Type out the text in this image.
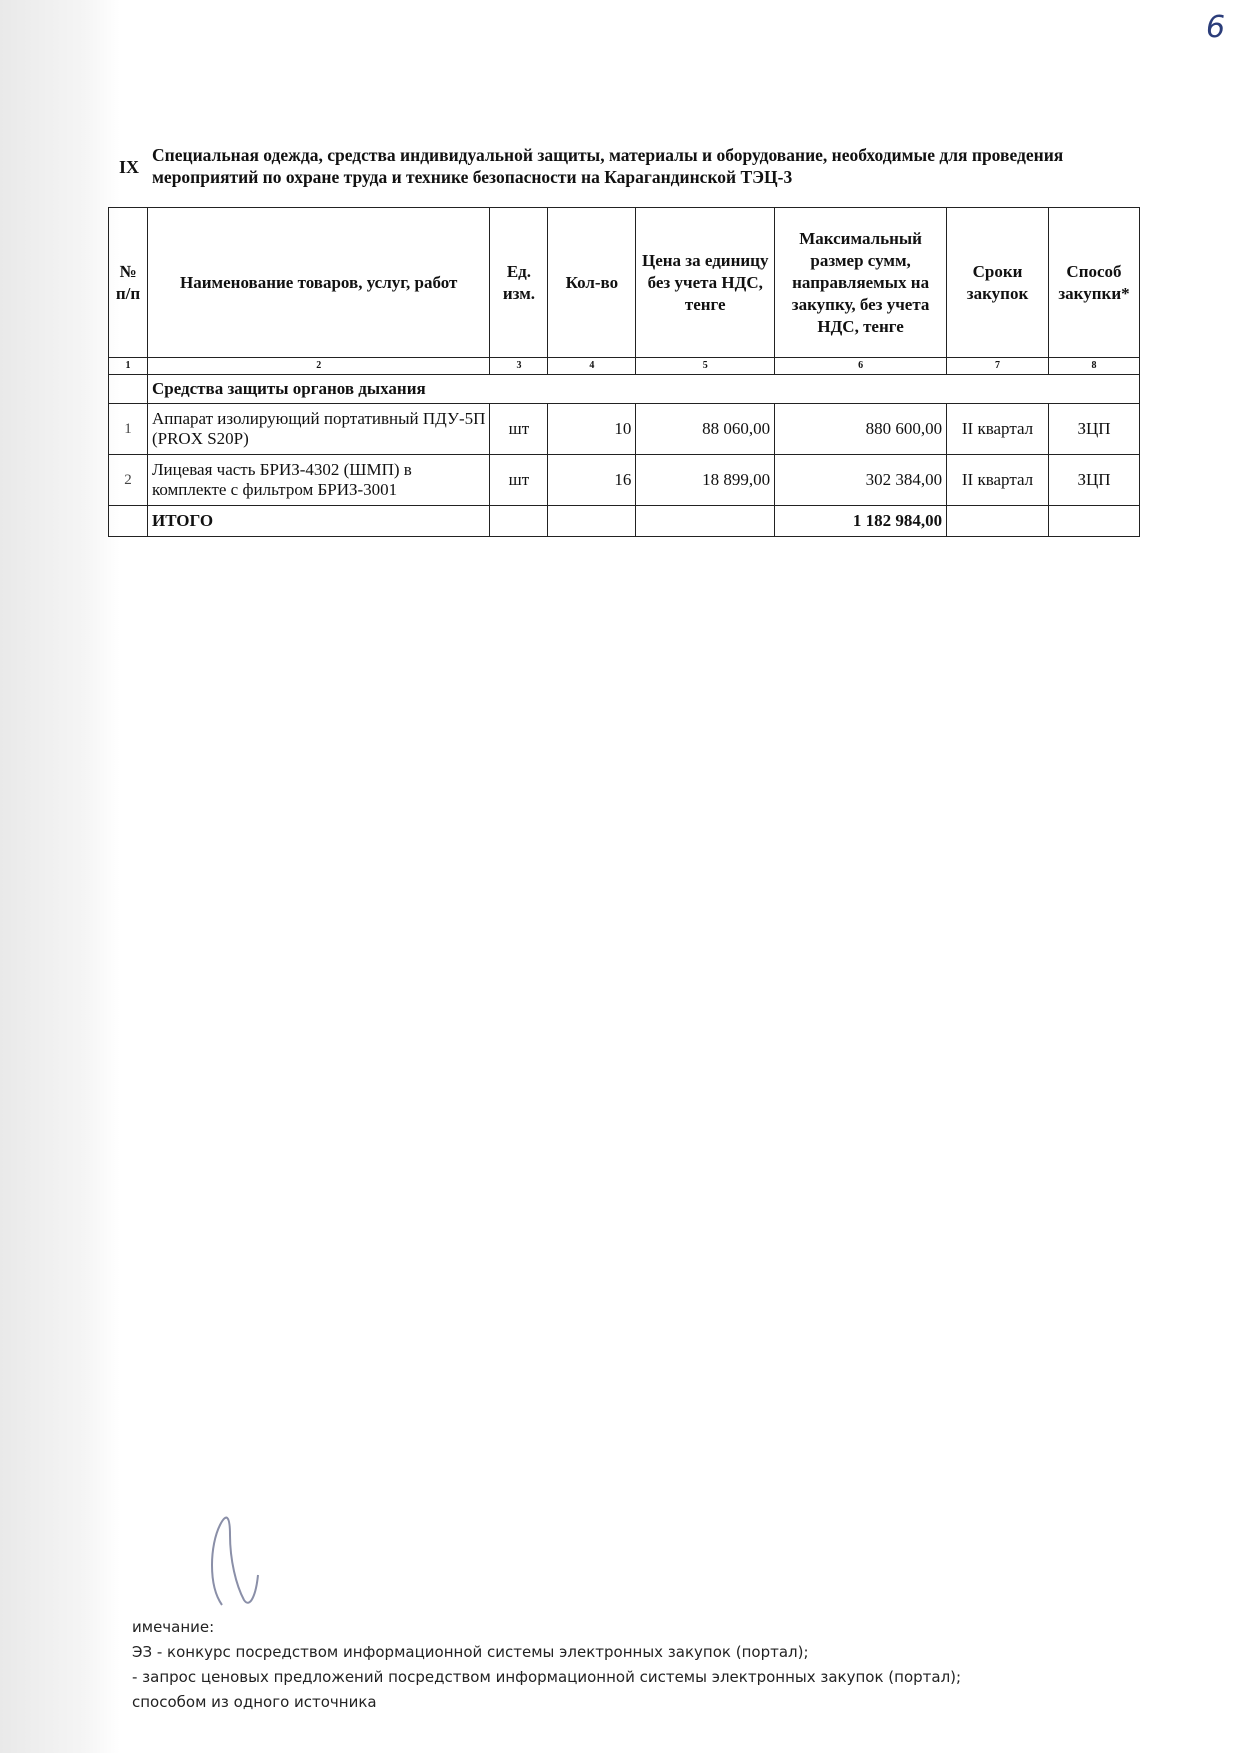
6
IX
Специальная одежда, средства индивидуальной защиты, материалы и оборудование, необходимые для проведения мероприятий по охране труда и технике безопасности на Карагандинской ТЭЦ-3
№ п/п	Наименование товаров, услуг, работ	Ед. изм.	Кол-во	Цена за единицу без учета НДС, тенге	Максимальный размер сумм, направляемых на закупку, без учета НДС, тенге	Сроки закупок	Способ закупки*
1	2	3	4	5	6	7	8
	Средства защиты органов дыхания						
1	Аппарат изолирующий портативный ПДУ-5П (PROX S20P)	шт	10	88 060,00	880 600,00	II квартал	ЗЦП
2	Лицевая часть БРИЗ-4302 (ШМП) в комплекте с фильтром БРИЗ-3001	шт	16	18 899,00	302 384,00	II квартал	ЗЦП
	ИТОГО				1 182 984,00		
имечание:
ЭЗ - конкурс посредством информационной системы электронных закупок (портал);
- запрос ценовых предложений посредством информационной системы электронных закупок (портал);
способом из одного источника
